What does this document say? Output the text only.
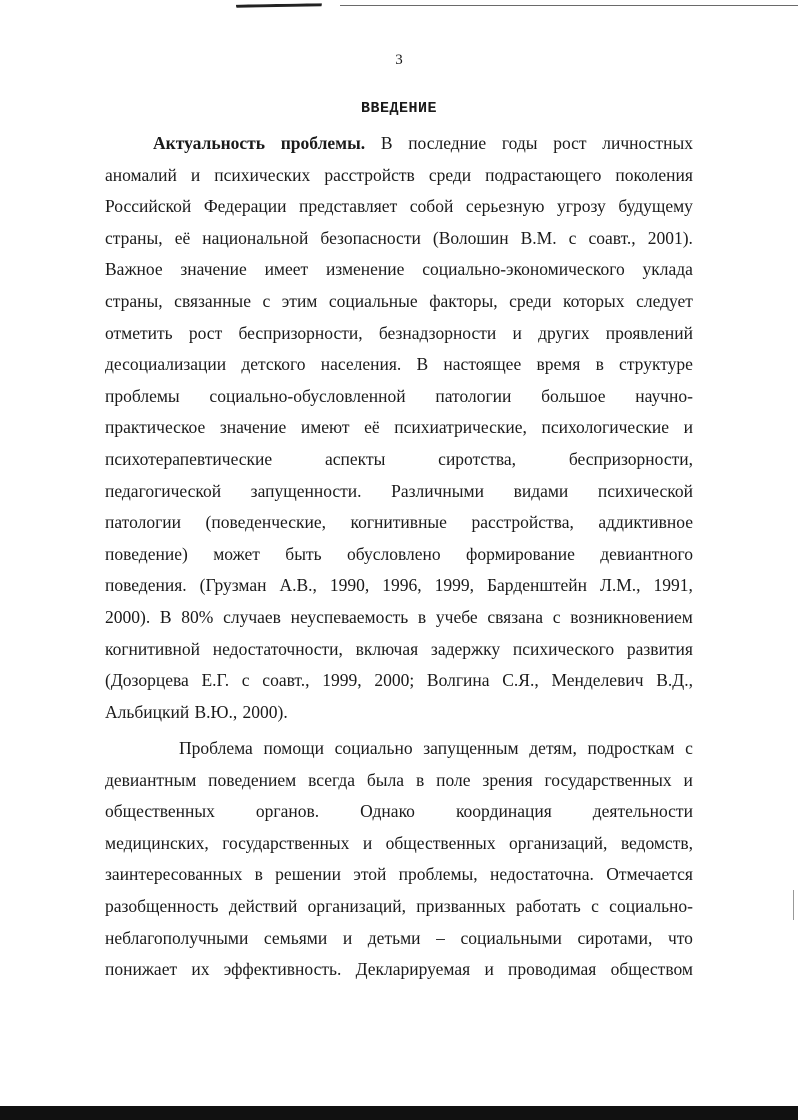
3
ВВЕДЕНИЕ
Актуальность проблемы. В последние годы рост личностных
аномалий и психических расстройств среди подрастающего поколения
Российской Федерации представляет собой серьезную угрозу будущему
страны, её национальной безопасности (Волошин В.М. с соавт., 2001).
Важное значение имеет изменение социально-экономического уклада
страны, связанные с этим социальные факторы, среди которых следует
отметить рост беспризорности, безнадзорности и других проявлений
десоциализации детского населения. В настоящее время в структуре
проблемы социально-обусловленной патологии большое научно-
практическое значение имеют её психиатрические, психологические и
психотерапевтические	аспекты	сиротства,	беспризорности,
педагогической запущенности. Различными видами психической
патологии (поведенческие, когнитивные расстройства, аддиктивное
поведение) может быть обусловлено формирование девиантного
поведения. (Грузман А.В., 1990, 1996, 1999, Барденштейн Л.М., 1991,
2000). В 80% случаев неуспеваемость в учебе связана с возникновением
когнитивной недостаточности, включая задержку психического развития
(Дозорцева Е.Г. с соавт., 1999, 2000; Волгина С.Я., Менделевич В.Д.,
Альбицкий В.Ю., 2000).
Проблема помощи социально запущенным детям, подросткам с
девиантным поведением всегда была в поле зрения государственных и
общественных органов. Однако координация деятельности
медицинских, государственных и общественных организаций, ведомств,
заинтересованных в решении этой проблемы, недостаточна. Отмечается
разобщенность действий организаций, призванных работать с социально-
неблагополучными семьями и детьми – социальными сиротами, что
понижает их эффективность. Декларируемая и проводимая обществом
